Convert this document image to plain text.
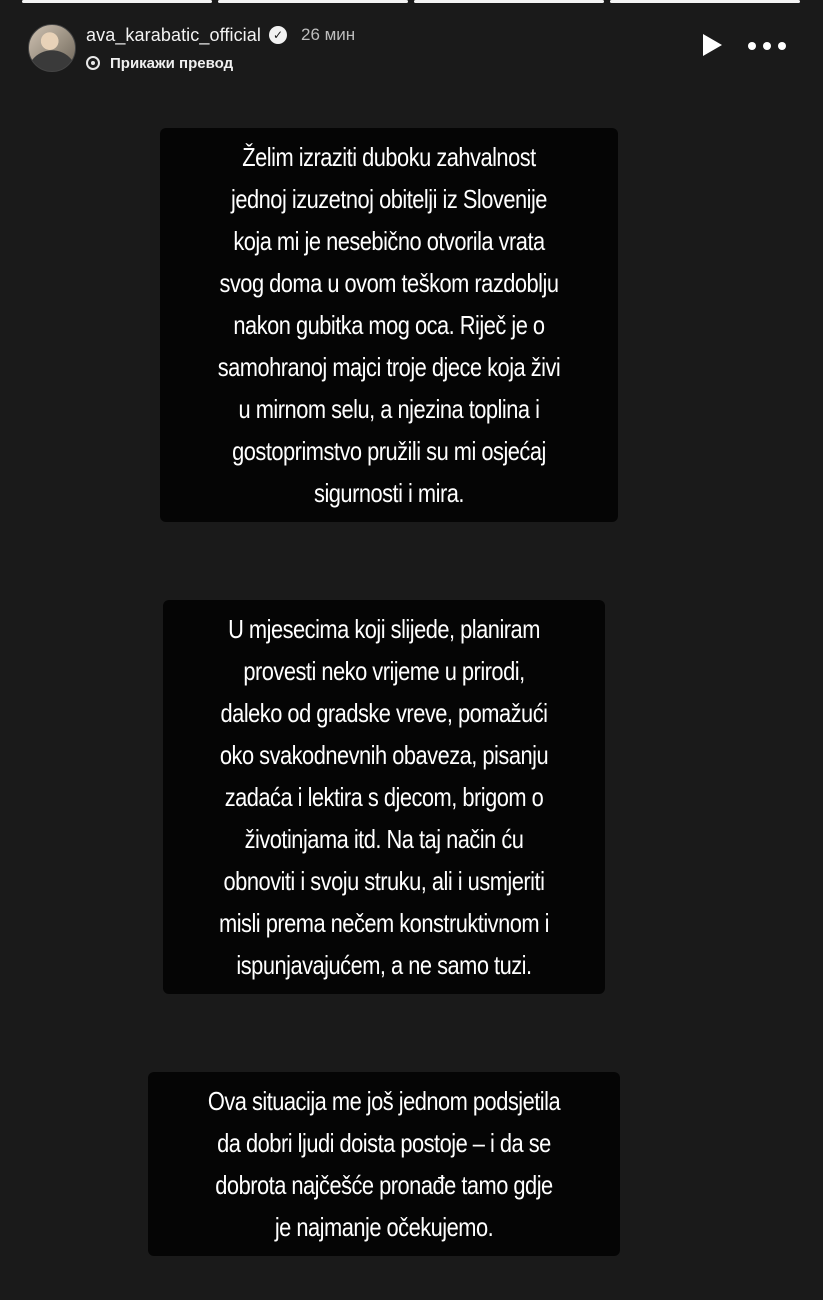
ava_karabatic_official ✓ 26 мин
Прикажи превод
Želim izraziti duboku zahvalnost
jednoj izuzetnoj obitelji iz Slovenije
koja mi je nesebično otvorila vrata
svog doma u ovom teškom razdoblju
nakon gubitka mog oca. Riječ je o
samohranoj majci troje djece koja živi
u mirnom selu, a njezina toplina i
gostoprimstvo pružili su mi osjećaj
sigurnosti i mira.
U mjesecima koji slijede, planiram
provesti neko vrijeme u prirodi,
daleko od gradske vreve, pomažući
oko svakodnevnih obaveza, pisanju
zadaća i lektira s djecom, brigom o
životinjama itd. Na taj način ću
obnoviti i svoju struku, ali i usmjeriti
misli prema nečem konstruktivnom i
ispunjavajućem, a ne samo tuzi.
Ova situacija me još jednom podsjetila
da dobri ljudi doista postoje – i da se
dobrota najčešće pronađe tamo gdje
je najmanje očekujemo.
